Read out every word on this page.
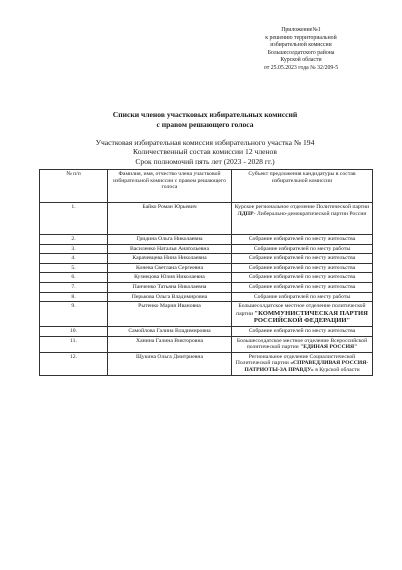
Приложение№1
к решению территориальной
избирательной комиссии
Большесолдатского района
Курской области
от 25.05.2023 года № 32/209-5
Списки членов участковых избирательных комиссий
с правом решающего голоса
Участковая избирательная комиссия избирательного участка № 194
Количественный состав комиссии 12 членов
Срок полномочий пять лет (2023 - 2028 гг.)
№ п/п	Фамилия, имя, отчество члена участковой избирательной комиссии с правом решающего голоса	Субъект предложения кандидатуры в состав избирательной комиссии
1.	Байко Роман Юрьевич	Курское региональное отделение Политической партии ЛДПР- Либерально-демократической партии России
2.	Гридина Ольга Николаевна	Собрание избирателей по месту жительства
3.	Василенко Наталья Анатольевна	Собрание избирателей по месту работы
4.	Карачевцева Нина Николаевна	Собрание избирателей по месту жительства
5.	Конева Светлана Сергеевна	Собрание избирателей по месту жительства
6.	Кузнецова Юлия Николаевна	Собрание избирателей по месту жительства
7.	Панченко Татьяна Николаевна	Собрание избирателей по месту жительства
8.	Перькова Ольга Владимировна	Собрание избирателей по месту работы
9.	Рытенко Мария Ивановна	Большесолдатское местное отделение политической партии "КОММУНИСТИЧЕСКАЯ ПАРТИЯ РОССИЙСКОЙ ФЕДЕРАЦИИ"
10.	Самойлова Галина Владимировна	Собрание избирателей по месту жительства
11.	Ханина Галина Викторовна	Большесолдатское местное отделение Всероссийской политической партии "ЕДИНАЯ РОССИЯ"
12.	Щукина Ольга Дмитриевна	Региональное отделение Социалистической Политической партии «СПРАВЕДЛИВАЯ РОССИЯ-ПАТРИОТЫ-ЗА ПРАВДУ» в Курской области
